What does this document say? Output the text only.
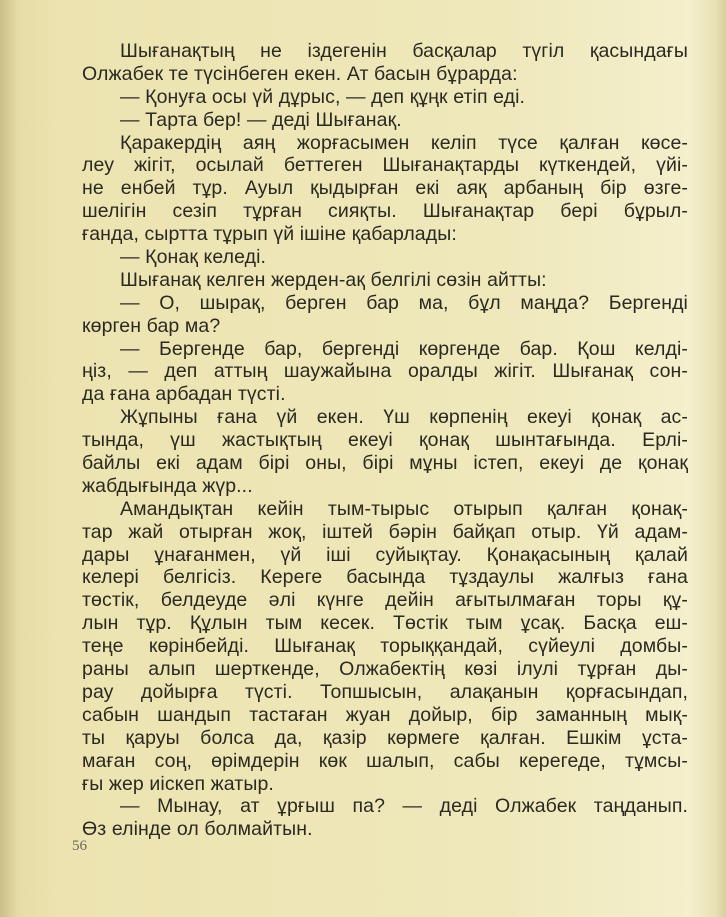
Шығанақтың не іздегенін басқалар түгіл қасындағы
Олжабек те түсінбеген екен. Ат басын бұрарда:
— Қонуға осы үй дұрыс, — деп құңк етіп еді.
— Тарта бер! — деді Шығанақ.
Қаракердің аяң жорғасымен келіп түсе қалған көсе-
леу жігіт, осылай беттеген Шығанақтарды күткендей, үйі-
не енбей тұр. Ауыл қыдырған екі аяқ арбаның бір өзге-
шелігін сезіп тұрған сияқты. Шығанақтар бері бұрыл-
ғанда, сыртта тұрып үй ішіне қабарлады:
— Қонақ келеді.
Шығанақ келген жерден-ақ белгілі сөзін айтты:
— О, шырақ, берген бар ма, бұл маңда? Бергенді
көрген бар ма?
— Бергенде бар, бергенді көргенде бар. Қош келді-
ңіз, — деп аттың шаужайына оралды жігіт. Шығанақ сон-
да ғана арбадан түсті.
Жұпыны ғана үй екен. Үш көрпенің екеуі қонақ ас-
тында, үш жастықтың екеуі қонақ шынтағында. Ерлі-
байлы екі адам бірі оны, бірі мұны істеп, екеуі де қонақ
жабдығында жүр...
Амандықтан кейін тым-тырыс отырып қалған қонақ-
тар жай отырған жоқ, іштей бәрін байқап отыр. Үй адам-
дары ұнағанмен, үй іші суйықтау. Қонақасының қалай
келері белгісіз. Кереге басында тұздаулы жалғыз ғана
төстік, белдеуде әлі күнге дейін ағытылмаған торы құ-
лын тұр. Құлын тым кесек. Төстік тым ұсақ. Басқа еш-
теңе көрінбейді. Шығанақ торыққандай, сүйеулі домбы-
раны алып шерткенде, Олжабектің көзі ілулі тұрған ды-
рау дойырға түсті. Топшысын, алақанын қорғасындап,
сабын шандып тастаған жуан дойыр, бір заманның мық-
ты қаруы болса да, қазір көрмеге қалған. Ешкім ұста-
маған соң, өрімдерін көк шалып, сабы керегеде, тұмсы-
ғы жер иіскеп жатыр.
— Мынау, ат ұрғыш па? — деді Олжабек таңданып.
Өз елінде ол болмайтын.
56
